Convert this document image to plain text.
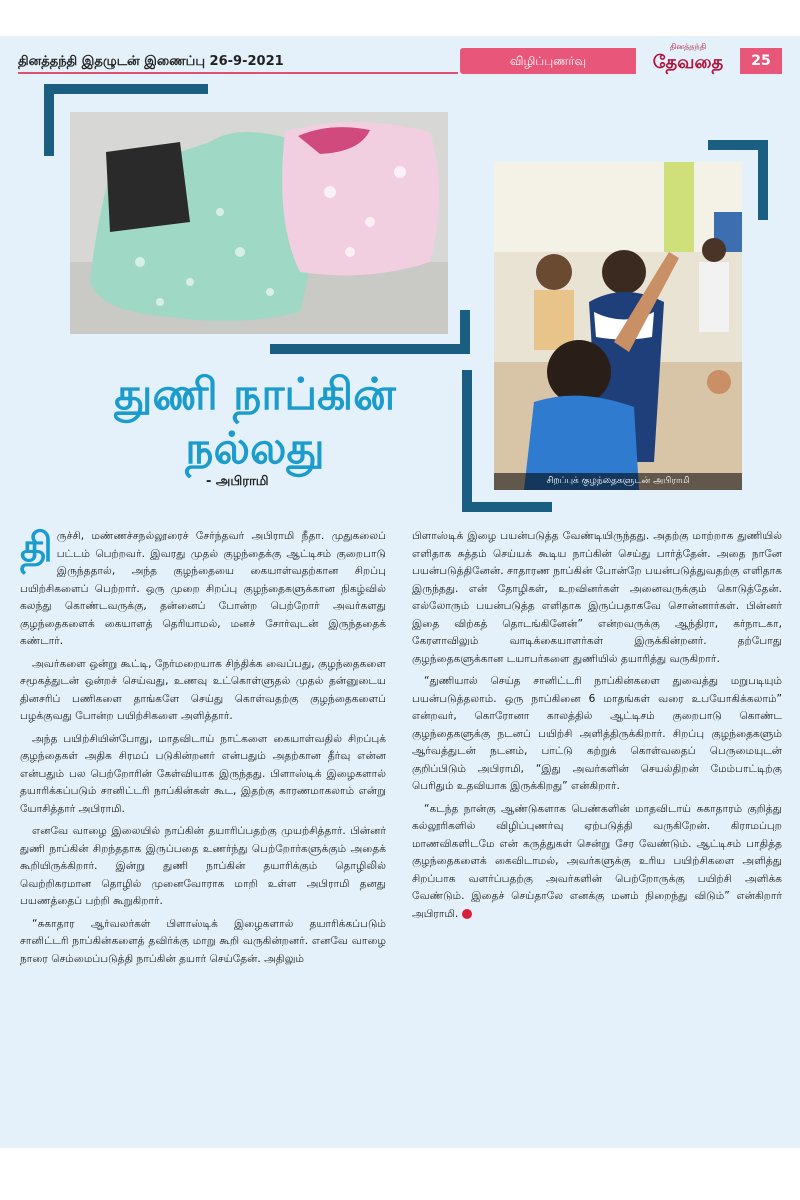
தினத்தந்தி இதழுடன் இணைப்பு 26-9-2021	விழிப்புணர்வு
தினத்தந்தி
தேவதை	25
சிறப்புக் குழந்தைகளுடன் அபிராமி
துணி நாப்கின்
நல்லது
- அபிராமி

திருச்சி, மண்ணச்சநல்லூரைச் சேர்ந்தவர் அபிராமி நீதா. முதுகலைப் பட்டம் பெற்றவர். இவரது முதல் குழந்தைக்கு ஆட்டிசம் குறைபாடு இருந்ததால், அந்த குழந்தையை கையாள்வதற்கான சிறப்பு பயிற்சிகளைப் பெற்றார். ஒரு முறை சிறப்பு குழந்தைகளுக்கான நிகழ்வில் கலந்து கொண்டவருக்கு, தன்னைப் போன்ற பெற்றோர் அவர்களது குழந்தைகளைக் கையாளத் தெரியாமல், மனச் சோர்வுடன் இருந்ததைக் கண்டார்.

அவர்களை ஒன்று கூட்டி, நேர்மறையாக சிந்திக்க வைப்பது, குழந்தைகளை சமூகத்துடன் ஒன்றச் செய்வது, உணவு உட்கொள்ளுதல் முதல் தன்னுடைய தினசரிப் பணிகளை தாங்களே செய்து கொள்வதற்கு குழந்தைகளைப் பழக்குவது போன்ற பயிற்சிகளை அளித்தார்.

அந்த பயிற்சியின்போது, மாதவிடாய் நாட்களை கையாள்வதில் சிறப்புக் குழந்தைகள் அதிக சிரமப் படுகின்றனர் என்பதும் அதற்கான தீர்வு என்ன என்பதும் பல பெற்றோரின் கேள்வியாக இருந்தது. பிளாஸ்டிக் இழைகளால் தயாரிக்கப்படும் சானிட்டரி நாப்கின்கள் கூட, இதற்கு காரணமாகலாம் என்று யோசித்தார் அபிராமி.

எனவே வாழை இலையில் நாப்கின் தயாரிப்பதற்கு முயற்சித்தார். பின்னர் துணி நாப்கின் சிறந்ததாக இருப்பதை உணர்ந்து பெற்றோர்களுக்கும் அதைக் கூறியிருக்கிறார். இன்று துணி நாப்கின் தயாரிக்கும் தொழிலில் வெற்றிகரமான தொழில் முனைவோராக மாறி உள்ள அபிராமி தனது பயணத்தைப் பற்றி கூறுகிறார்.

“சுகாதார ஆர்வலர்கள் பிளாஸ்டிக் இழைகளால் தயாரிக்கப்படும் சானிட்டரி நாப்கின்களைத் தவிர்க்கு மாறு கூறி வருகின்றனர். எனவே வாழை நாரை செம்மைப்படுத்தி நாப்கின் தயார் செய்தேன். அதிலும்

பிளாஸ்டிக் இழை பயன்படுத்த வேண்டியிருந்தது. அதற்கு மாற்றாக துணியில் எளிதாக சுத்தம் செய்யக் கூடிய நாப்கின் செய்து பார்த்தேன். அதை நானே பயன்படுத்தினேன். சாதாரண நாப்கின் போன்றே பயன்படுத்துவதற்கு எளிதாக இருந்தது. என் தோழிகள், உறவினர்கள் அனைவருக்கும் கொடுத்தேன். எல்லோரும் பயன்படுத்த எளிதாக இருப்பதாகவே சொன்னார்கள். பின்னர் இதை விற்கத் தொடங்கினேன்” என்றவருக்கு ஆந்திரா, கர்நாடகா, கேரளாவிலும் வாடிக்கையாளர்கள் இருக்கின்றனர். தற்போது குழந்தைகளுக்கான டயாபர்களை துணியில் தயாரித்து வருகிறார்.

“துணியால் செய்த சானிட்டரி நாப்கின்களை துவைத்து மறுபடியும் பயன்படுத்தலாம். ஒரு நாப்கினை 6 மாதங்கள் வரை உபயோகிக்கலாம்” என்றவர், கொரோனா காலத்தில் ஆட்டிசம் குறைபாடு கொண்ட குழந்தைகளுக்கு நடனப் பயிற்சி அளித்திருக்கிறார். சிறப்பு குழந்தைகளும் ஆர்வத்துடன் நடனம், பாட்டு கற்றுக் கொள்வதைப் பெருமையுடன் குறிப்பிடும் அபிராமி, “இது அவர்களின் செயல்திறன் மேம்பாட்டிற்கு பெரிதும் உதவியாக இருக்கிறது” என்கிறார்.

“கடந்த நான்கு ஆண்டுகளாக பெண்களின் மாதவிடாய் சுகாதாரம் குறித்து கல்லூரிகளில் விழிப்புணர்வு ஏற்படுத்தி வருகிறேன். கிராமப்புற மாணவிகளிடமே என் கருத்துகள் சென்று சேர வேண்டும். ஆட்டிசம் பாதித்த குழந்தைகளைக் கைவிடாமல், அவர்களுக்கு உரிய பயிற்சிகளை அளித்து சிறப்பாக வளர்ப்பதற்கு அவர்களின் பெற்றோருக்கு பயிற்சி அளிக்க வேண்டும். இதைச் செய்தாலே எனக்கு மனம் நிறைந்து விடும்” என்கிறார் அபிராமி.
